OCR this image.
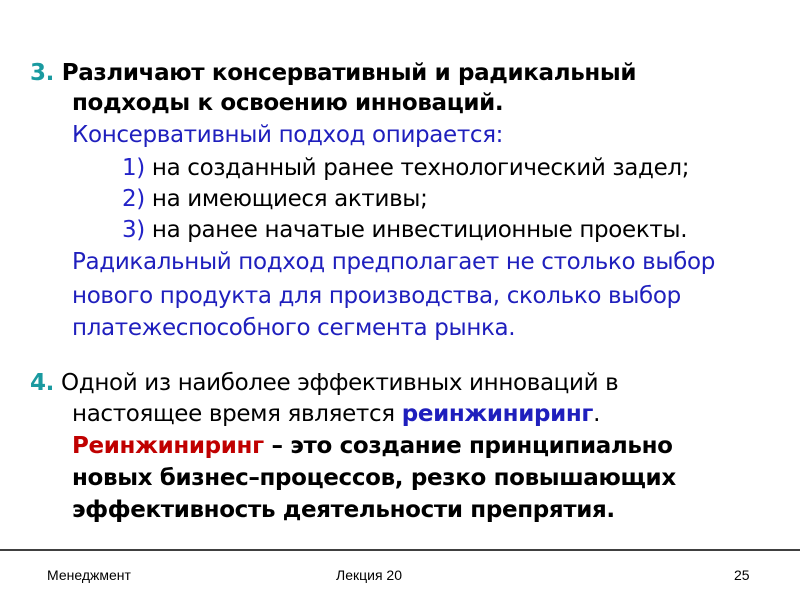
3. Различают консервативный и радикальный
подходы к освоению инноваций.
Консервативный подход опирается:
1) на созданный ранее технологический задел;
2) на имеющиеся активы;
3) на ранее начатые инвестиционные проекты.
Радикальный подход предполагает не столько выбор
нового продукта для производства, сколько выбор
платежеспособного сегмента рынка.
4. Одной из наиболее эффективных инноваций в
настоящее время является реинжиниринг.
Реинжиниринг – это создание принципиально
новых бизнес–процессов, резко повышающих
эффективность деятельности препрятия.
Менеджмент	Лекция 20	25
